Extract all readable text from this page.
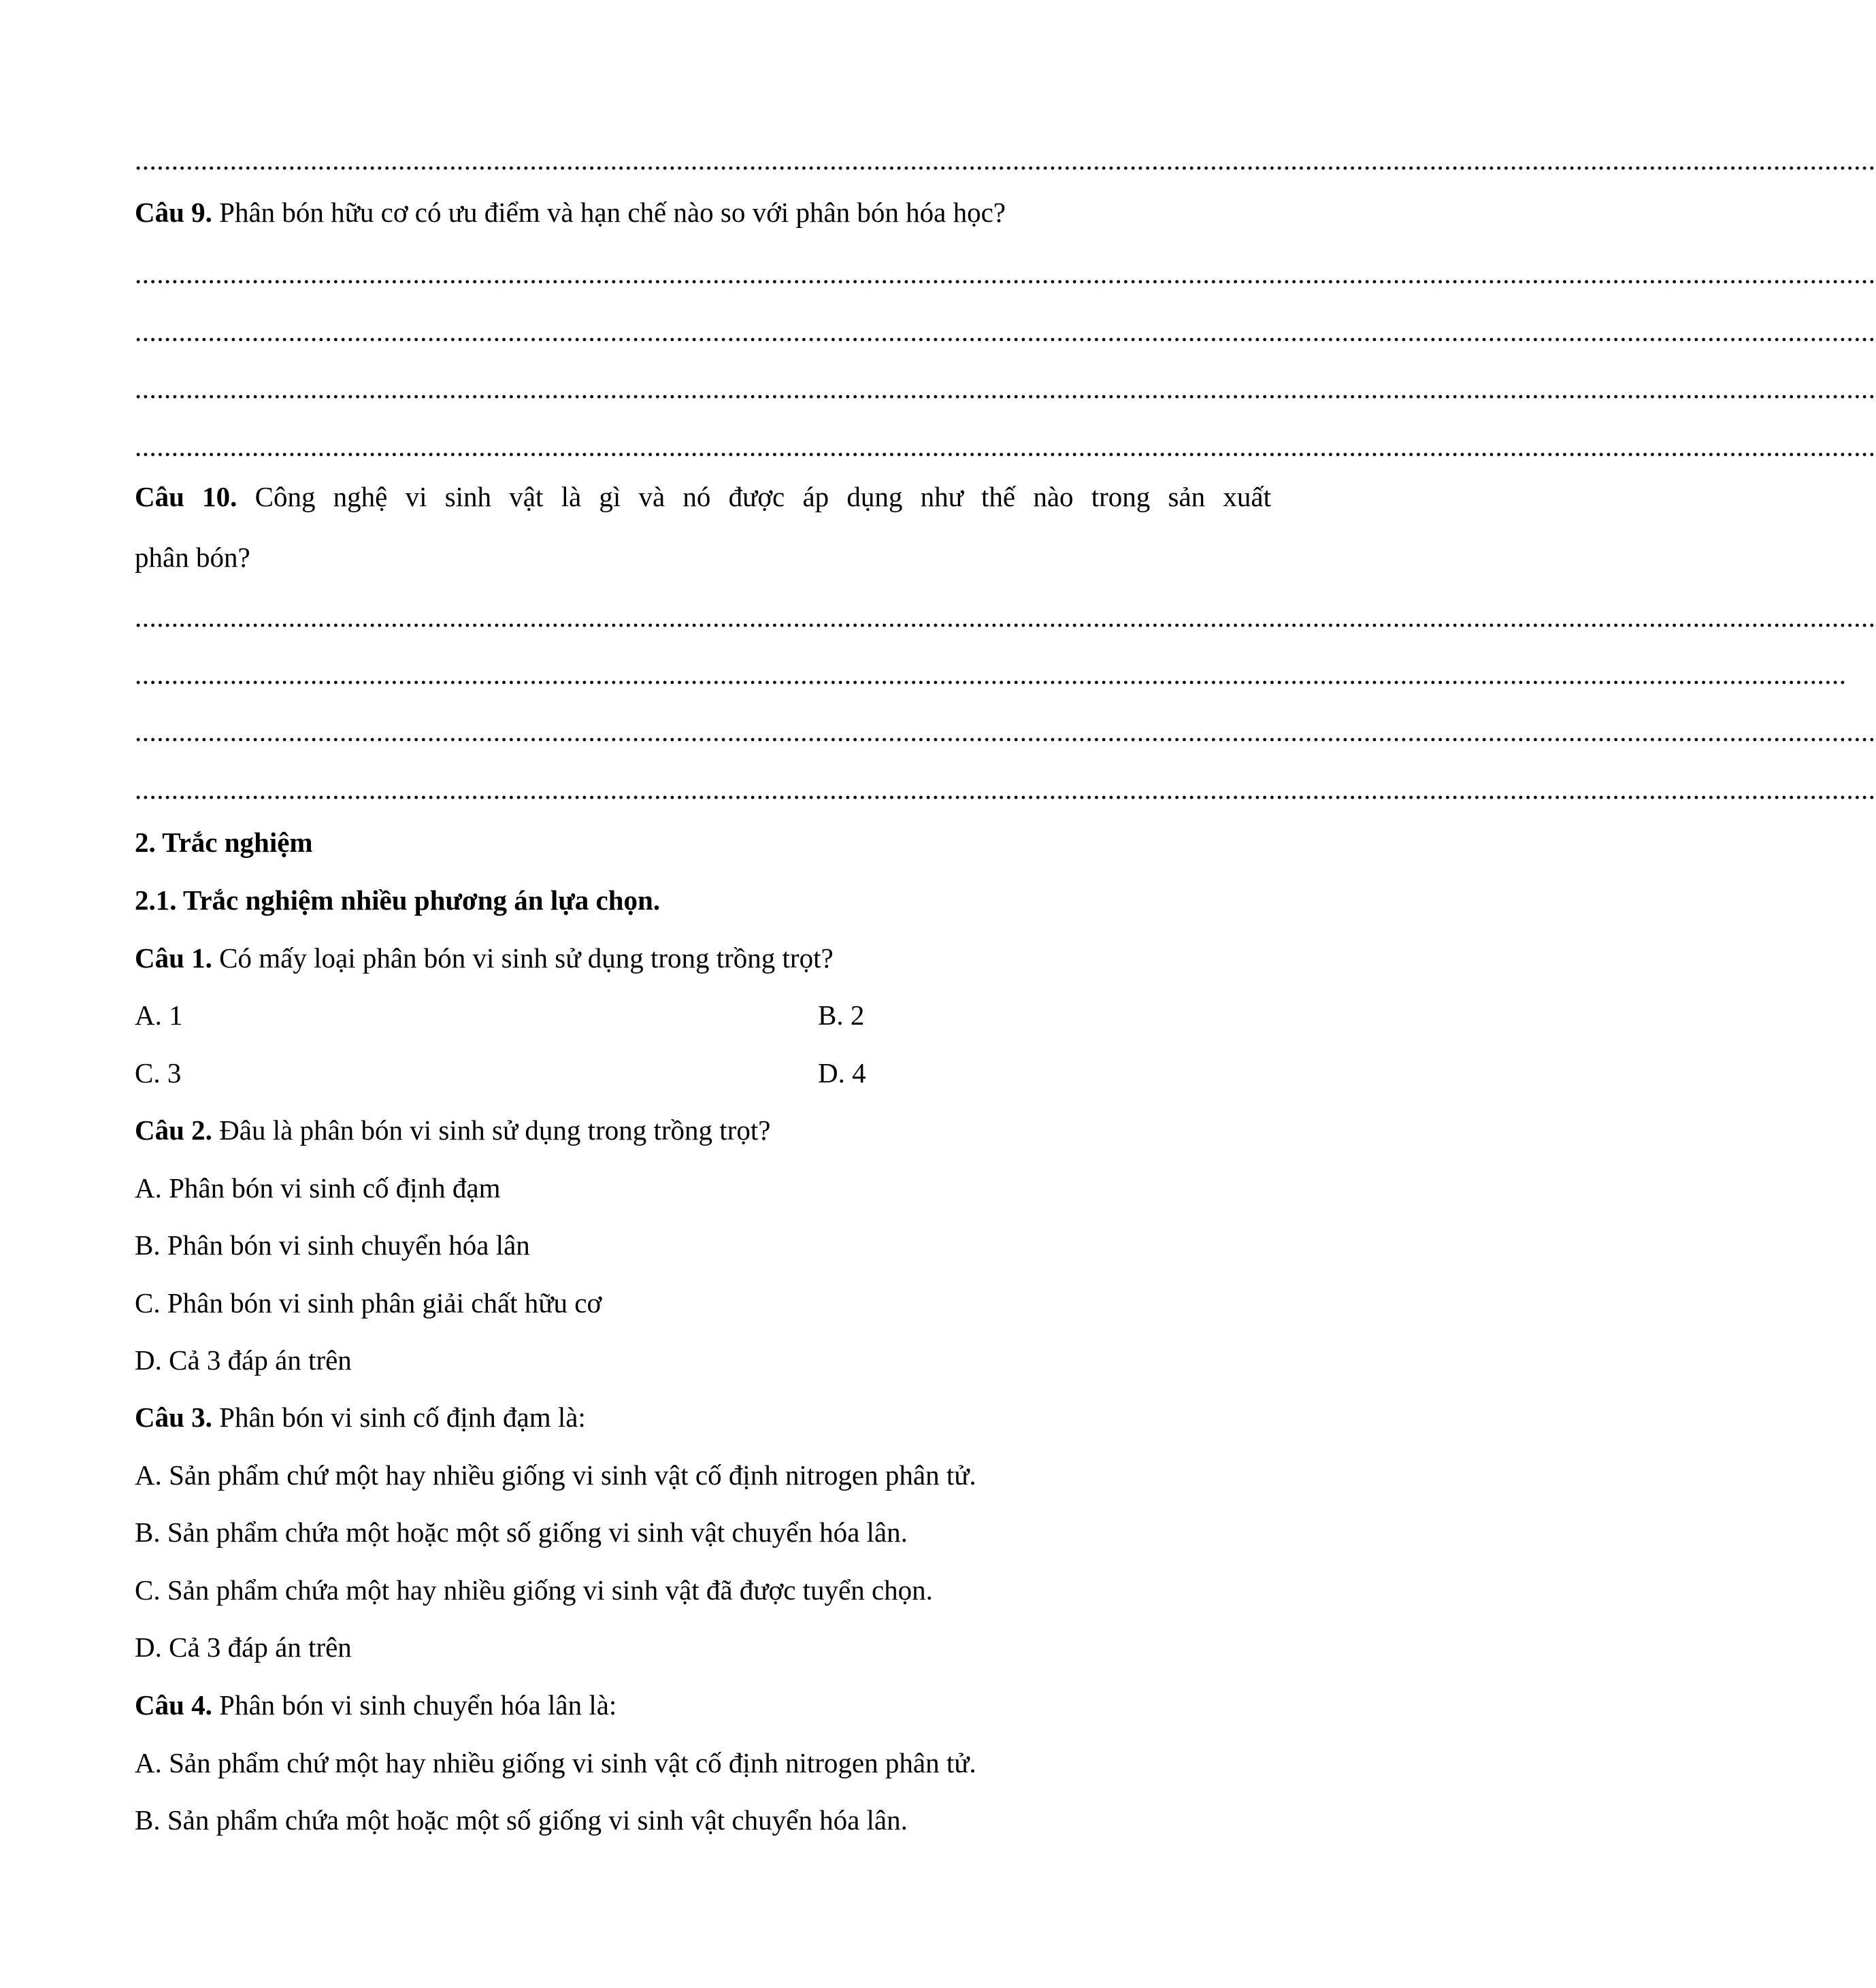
..............................................................................................................................................................................................................................................
Câu 9. Phân bón hữu cơ có ưu điểm và hạn chế nào so với phân bón hóa học?
..............................................................................................................................................................................................................................................
..............................................................................................................................................................................................................................................
..............................................................................................................................................................................................................................................
..............................................................................................................................................................................................................................................
Câu 10. Công nghệ vi sinh vật là gì và nó được áp dụng như thế nào trong sản xuất
phân bón?
..............................................................................................................................................................................................................................................
..........................................................................................................................................................................................................................................
..............................................................................................................................................................................................................................................
..............................................................................................................................................................................................................................................
2. Trắc nghiệm
2.1. Trắc nghiệm nhiều phương án lựa chọn.
Câu 1. Có mấy loại phân bón vi sinh sử dụng trong trồng trọt?
A. 1	B. 2
C. 3	D. 4
Câu 2. Đâu là phân bón vi sinh sử dụng trong trồng trọt?
A. Phân bón vi sinh cố định đạm
B. Phân bón vi sinh chuyển hóa lân
C. Phân bón vi sinh phân giải chất hữu cơ
D. Cả 3 đáp án trên
Câu 3. Phân bón vi sinh cố định đạm là:
A. Sản phẩm chứ một hay nhiều giống vi sinh vật cố định nitrogen phân tử.
B. Sản phẩm chứa một hoặc một số giống vi sinh vật chuyển hóa lân.
C. Sản phẩm chứa một hay nhiều giống vi sinh vật đã được tuyển chọn.
D. Cả 3 đáp án trên
Câu 4. Phân bón vi sinh chuyển hóa lân là:
A. Sản phẩm chứ một hay nhiều giống vi sinh vật cố định nitrogen phân tử.
B. Sản phẩm chứa một hoặc một số giống vi sinh vật chuyển hóa lân.
